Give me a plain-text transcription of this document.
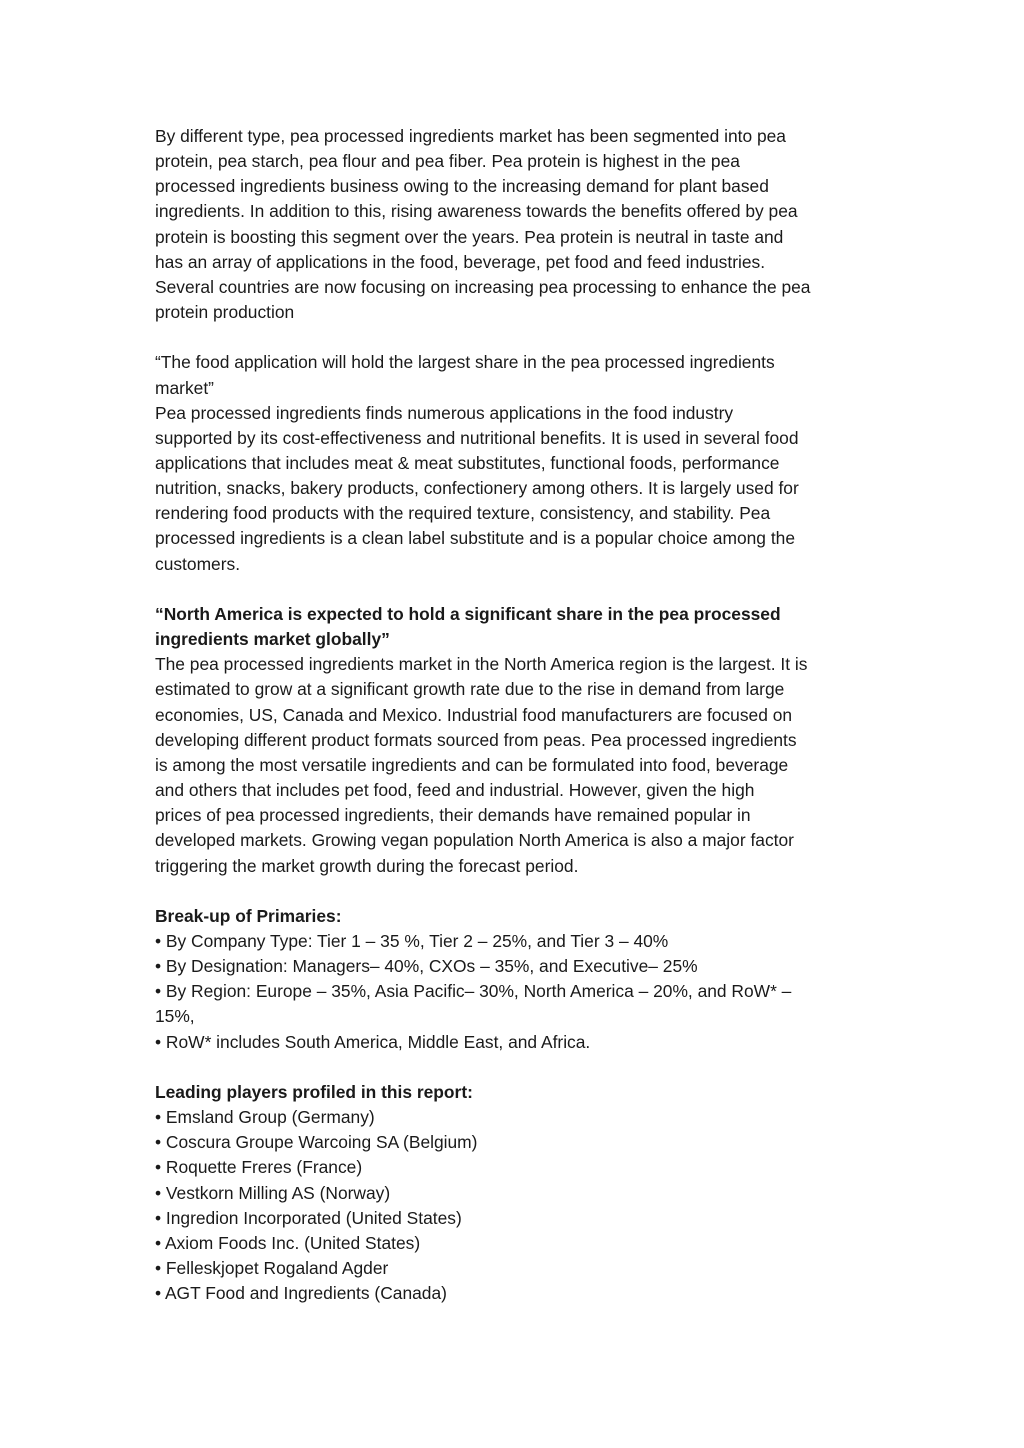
By different type, pea processed ingredients market has been segmented into pea
protein, pea starch, pea flour and pea fiber. Pea protein is highest in the pea
processed ingredients business owing to the increasing demand for plant based
ingredients. In addition to this, rising awareness towards the benefits offered by pea
protein is boosting this segment over the years. Pea protein is neutral in taste and
has an array of applications in the food, beverage, pet food and feed industries.
Several countries are now focusing on increasing pea processing to enhance the pea
protein production

“The food application will hold the largest share in the pea processed ingredients
market”

Pea processed ingredients finds numerous applications in the food industry
supported by its cost-effectiveness and nutritional benefits. It is used in several food
applications that includes meat & meat substitutes, functional foods, performance
nutrition, snacks, bakery products, confectionery among others. It is largely used for
rendering food products with the required texture, consistency, and stability. Pea
processed ingredients is a clean label substitute and is a popular choice among the
customers.

“North America is expected to hold a significant share in the pea processed
ingredients market globally”

The pea processed ingredients market in the North America region is the largest. It is
estimated to grow at a significant growth rate due to the rise in demand from large
economies, US, Canada and Mexico. Industrial food manufacturers are focused on
developing different product formats sourced from peas. Pea processed ingredients
is among the most versatile ingredients and can be formulated into food, beverage
and others that includes pet food, feed and industrial. However, given the high
prices of pea processed ingredients, their demands have remained popular in
developed markets. Growing vegan population North America is also a major factor
triggering the market growth during the forecast period.

Break-up of Primaries:

• By Company Type: Tier 1 – 35 %, Tier 2 – 25%, and Tier 3 – 40%
• By Designation: Managers– 40%, CXOs – 35%, and Executive– 25%
• By Region: Europe – 35%, Asia Pacific– 30%, North America – 20%, and RoW* –
15%,
• RoW* includes South America, Middle East, and Africa.

Leading players profiled in this report:

• Emsland Group (Germany)
• Coscura Groupe Warcoing SA (Belgium)
• Roquette Freres (France)
• Vestkorn Milling AS (Norway)
• Ingredion Incorporated (United States)
• Axiom Foods Inc. (United States)
• Felleskjopet Rogaland Agder
• AGT Food and Ingredients (Canada)
